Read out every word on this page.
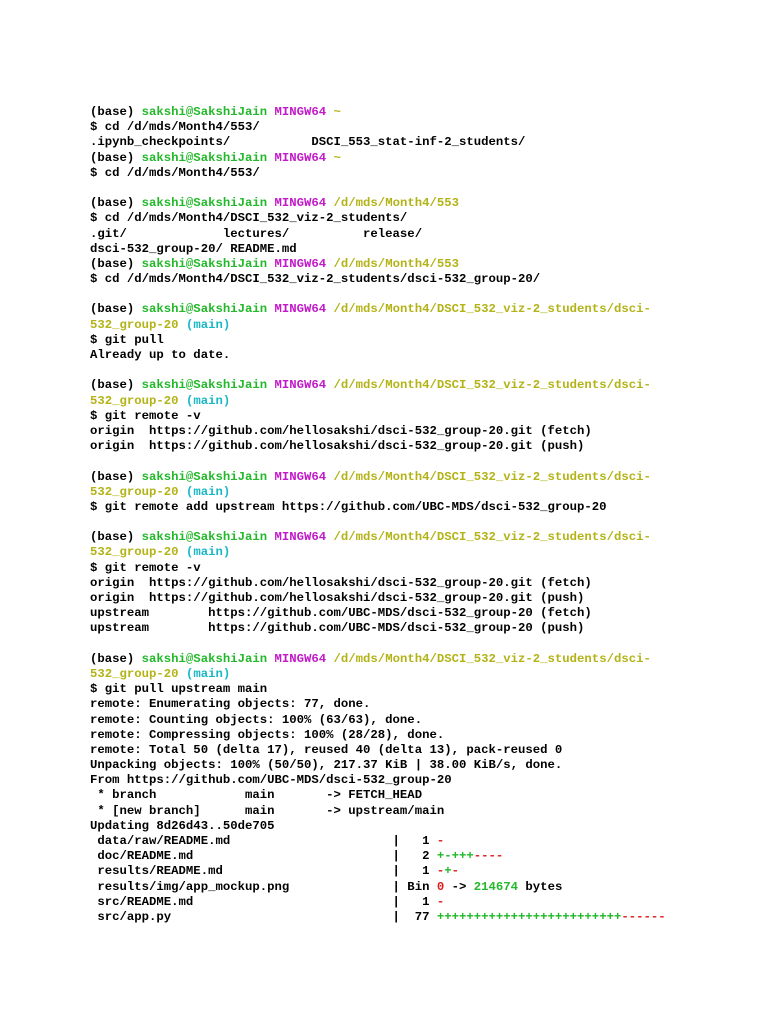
(base) sakshi@SakshiJain MINGW64 ~
$ cd /d/mds/Month4/553/
.ipynb_checkpoints/           DSCI_553_stat-inf-2_students/
(base) sakshi@SakshiJain MINGW64 ~
$ cd /d/mds/Month4/553/
(base) sakshi@SakshiJain MINGW64 /d/mds/Month4/553
$ cd /d/mds/Month4/DSCI_532_viz-2_students/
.git/             lectures/          release/
dsci-532_group-20/ README.md
(base) sakshi@SakshiJain MINGW64 /d/mds/Month4/553
$ cd /d/mds/Month4/DSCI_532_viz-2_students/dsci-532_group-20/
(base) sakshi@SakshiJain MINGW64 /d/mds/Month4/DSCI_532_viz-2_students/dsci-
532_group-20 (main)
$ git pull
Already up to date.
(base) sakshi@SakshiJain MINGW64 /d/mds/Month4/DSCI_532_viz-2_students/dsci-
532_group-20 (main)
$ git remote -v
origin  https://github.com/hellosakshi/dsci-532_group-20.git (fetch)
origin  https://github.com/hellosakshi/dsci-532_group-20.git (push)
(base) sakshi@SakshiJain MINGW64 /d/mds/Month4/DSCI_532_viz-2_students/dsci-
532_group-20 (main)
$ git remote add upstream https://github.com/UBC-MDS/dsci-532_group-20
(base) sakshi@SakshiJain MINGW64 /d/mds/Month4/DSCI_532_viz-2_students/dsci-
532_group-20 (main)
$ git remote -v
origin  https://github.com/hellosakshi/dsci-532_group-20.git (fetch)
origin  https://github.com/hellosakshi/dsci-532_group-20.git (push)
upstream        https://github.com/UBC-MDS/dsci-532_group-20 (fetch)
upstream        https://github.com/UBC-MDS/dsci-532_group-20 (push)
(base) sakshi@SakshiJain MINGW64 /d/mds/Month4/DSCI_532_viz-2_students/dsci-
532_group-20 (main)
$ git pull upstream main
remote: Enumerating objects: 77, done.
remote: Counting objects: 100% (63/63), done.
remote: Compressing objects: 100% (28/28), done.
remote: Total 50 (delta 17), reused 40 (delta 13), pack-reused 0
Unpacking objects: 100% (50/50), 217.37 KiB | 38.00 KiB/s, done.
From https://github.com/UBC-MDS/dsci-532_group-20
* branch            main       -> FETCH_HEAD
* [new branch]      main       -> upstream/main
Updating 8d26d43..50de705
data/raw/README.md                      |   1 -
doc/README.md                           |   2 +-+++----
results/README.md                       |   1 -+-
results/img/app_mockup.png              | Bin 0 -> 214674 bytes
src/README.md                           |   1 -
src/app.py                              |  77 +++++++++++++++++++++++++------
